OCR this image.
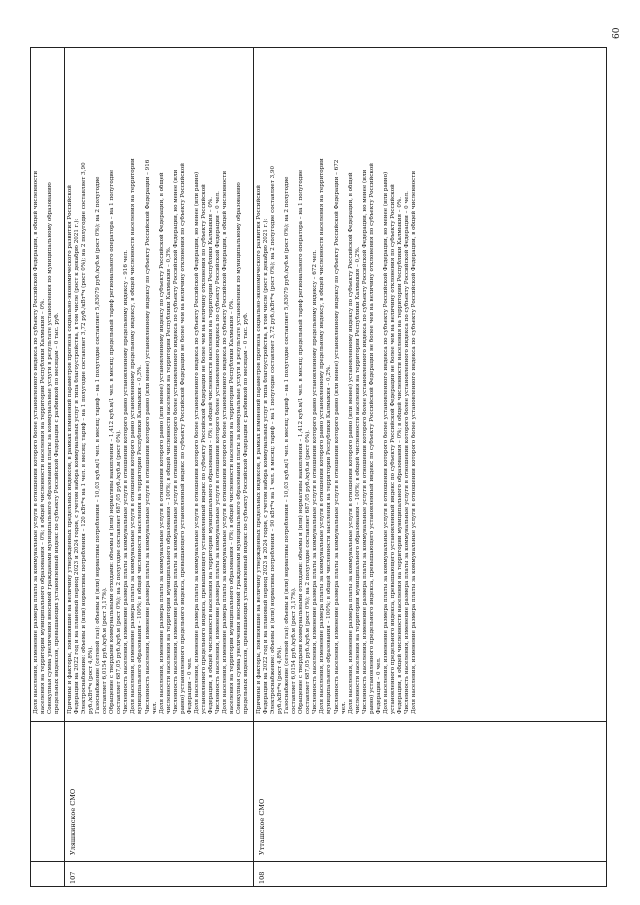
Доля населения, изменение размера платы за коммунальные услуги в отношении которого более установленного индекса по субъекту Российской Федерации, в общей численности населения на территории муниципального образования – 0%; в общей численности населения на территории Республики Калмыкия – 0%. Совокупная сумма увеличения вносимой гражданами муниципального образования платы за коммунальные услуги в результате установления по муниципальному образованию предельных индексов, превышающих установленный индекс по субъекту Российской Федерации с разбивкой по месяцам – 0 тыс. руб.
107
Уляшкинское СМО
Причины и факторы, повлиявшие на величину утвержденных предельных индексов, в рамках изменений параметров прогноза социально-экономического развития Российской Федерации на 2022 год и на плановый период 2023 и 2024 годов, с учетом набора коммунальных услуг и типа благоустройства, в том числе (рост к декабрю 2021 г.): Электроснабжение: объемы и (или) нормативы потребления – 120 кВт*ч на 1 чел. в месяц; тариф – на 1 полугодие составляет 3,72 руб./кВт*ч (рост 0%); на 2 полугодие составляет 3,90 руб./кВт*ч (рост 4,8%). Газоснабжение (сетевой газ): объемы и (или) нормативы потребления – 10,03 куб.м/1 чел. в месяц; тариф – на 1 полугодие составляет 5,83079 руб./куб.м (рост 0%); на 2 полугодие составляет 6,0154 руб./куб.м (рост 3,17%). Обращение с твердыми коммунальными отходами: объемы и (или) нормативы накопления – 1,412 куб.м/1 чел. в месяц; предельный тариф регионального оператора – на 1 полугодие составляет 687,05 руб./куб.м (рост 0%); на 2 полугодие составляет 687,05 руб./куб.м (рост 0%). Численность населения, изменение размера платы за коммунальные услуги в отношении которого равно установленному предельному индексу – 916 чел. Доля населения, изменение размера платы за коммунальные услуги в отношении которого равно установленному предельному индексу, в общей численности населения на территории муниципального образования – 100%; в общей численности населения на территории Республики Калмыкия – 0,3%. Численность населения, изменение размера платы за коммунальные услуги в отношении которого равно (или менее) установленному индексу по субъекту Российской Федерации – 916 чел. Доля населения, изменение размера платы за коммунальные услуги в отношении которого равно (или менее) установленному индексу по субъекту Российской Федерации, в общей численности населения на территории муниципального образования – 100%; в общей численности населения на территории Республики Калмыкия – 0,3%. Численность населения, изменение размера платы за коммунальные услуги в отношении которого более установленного индекса по субъекту Российской Федерации, но менее (или равно) установленного предельного индекса, превышающего установленный индекс по субъекту Российской Федерации не более чем на величину отклонения по субъекту Российской Федерации – 0 чел. Доля населения, изменение размера платы за коммунальные услуги в отношении которого более установленного индекса по субъекту Российской Федерации, но менее (или равно) установленного предельного индекса, превышающего установленный индекс по субъекту Российской Федерации не более чем на величину отклонения по субъекту Российской Федерации, в общей численности населения на территории муниципального образования – 0%; в общей численности населения на территории Республики Калмыкия – 0%. Численность населения, изменение размера платы за коммунальные услуги в отношении которого более установленного индекса по субъекту Российской Федерации – 0 чел. Доля населения, изменение размера платы за коммунальные услуги в отношении которого более установленного индекса по субъекту Российской Федерации, в общей численности населения на территории муниципального образования – 0%; в общей численности населения на территории Республики Калмыкия – 0%. Совокупная сумма увеличения вносимой гражданами муниципального образования платы за коммунальные услуги в результате установления по муниципальному образованию предельных индексов, превышающих установленный индекс по субъекту Российской Федерации с разбивкой по месяцам – 0 тыс. руб.
108
Утташское СМО
Причины и факторы, повлиявшие на величину утвержденных предельных индексов, в рамках изменений параметров прогноза социально-экономического развития Российской Федерации на 2022 год и на плановый период 2023 и 2024 годов, с учетом набора коммунальных услуг и типа благоустройства, в том числе (рост к декабрю 2021 г.): Электроснабжение: объемы и (или) нормативы потребления – 90 кВт*ч на 1 чел. в месяц; тариф – на 1 полугодие составляет 3,72 руб./кВт*ч (рост 0%); на 2 полугодие составляет 3,90 руб./кВт*ч (рост 4,8%). Газоснабжение (сетевой газ): объемы и (или) нормативы потребления – 10,03 куб.м/1 чел. в месяц; тариф – на 1 полугодие составляет 5,83079 руб./куб.м (рост 0%); на 2 полугодие составляет 6,0154 руб./куб.м (рост 3,17%). Обращение с твердыми коммунальными отходами: объемы и (или) нормативы накопления – 1,412 куб.м/1 чел. в месяц; предельный тариф регионального оператора – на 1 полугодие составляет 687,05 руб./куб.м (рост 0%); на 2 полугодие составляет 687,05 руб./куб.м (рост 0%). Численность населения, изменение размера платы за коммунальные услуги в отношении которого равно установленному предельному индексу – 672 чел. Доля населения, изменение размера платы за коммунальные услуги в отношении которого равно установленному предельному индексу, в общей численности населения на территории муниципального образования – 100%; в общей численности населения на территории Республики Калмыкия – 0,2%. Численность населения, изменение размера платы за коммунальные услуги в отношении которого равно (или менее) установленному индексу по субъекту Российской Федерации – 672 чел. Доля населения, изменение размера платы за коммунальные услуги в отношении которого равно (или менее) установленному индексу по субъекту Российской Федерации, в общей численности населения на территории муниципального образования – 100%; в общей численности населения на территории Республики Калмыкия – 0,2%. Численность населения, изменение размера платы за коммунальные услуги в отношении которого более установленного индекса по субъекту Российской Федерации, но менее (или равно) установленного предельного индекса, превышающего установленный индекс по субъекту Российской Федерации не более чем на величину отклонения по субъекту Российской Федерации – 0 чел. Доля населения, изменение размера платы за коммунальные услуги в отношении которого более установленного индекса по субъекту Российской Федерации, но менее (или равно) установленного предельного индекса, превышающего установленный индекс по субъекту Российской Федерации не более чем на величину отклонения по субъекту Российской Федерации, в общей численности населения на территории муниципального образования – 0%; в общей численности населения на территории Республики Калмыкия – 0%. Численность населения, изменение размера платы за коммунальные услуги в отношении которого более установленного индекса по субъекту Российской Федерации – 0 чел. Доля населения, изменение размера платы за коммунальные услуги в отношении которого более установленного индекса по субъекту Российской Федерации, в общей численности
60
